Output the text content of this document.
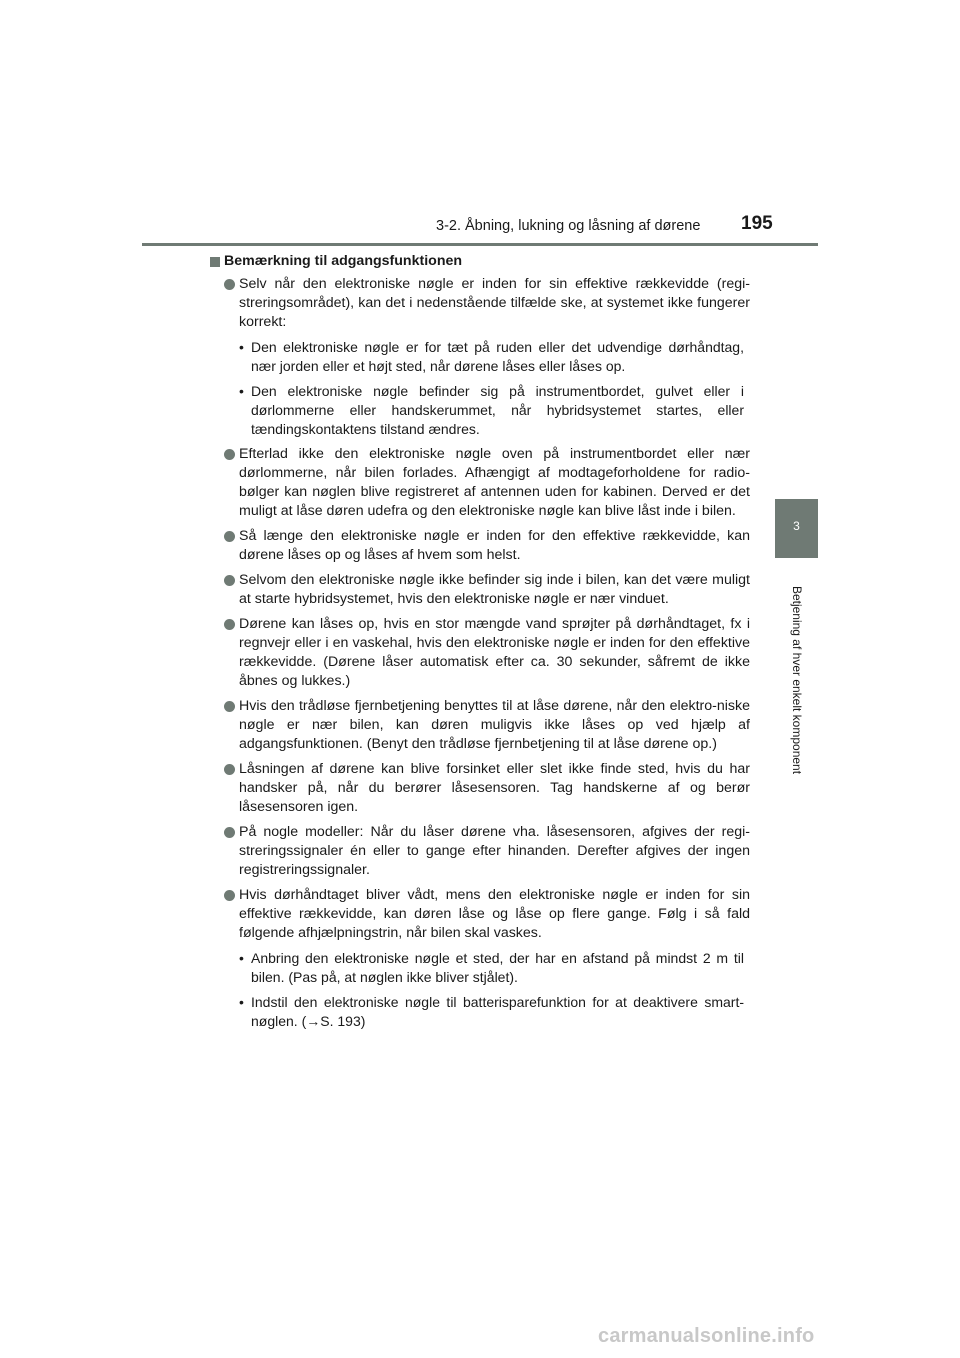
3-2. Åbning, lukning og låsning af dørene 195
3
Betjening af hver enkelt komponent
Bemærkning til adgangsfunktionen
Selv når den elektroniske nøgle er inden for sin effektive rækkevidde (regi-streringsområdet), kan det i nedenstående tilfælde ske, at systemet ikke fungerer korrekt:
• Den elektroniske nøgle er for tæt på ruden eller det udvendige dørhåndtag, nær jorden eller et højt sted, når dørene låses eller låses op.
• Den elektroniske nøgle befinder sig på instrumentbordet, gulvet eller i dørlommerne eller handskerummet, når hybridsystemet startes, eller tændingskontaktens tilstand ændres.
Efterlad ikke den elektroniske nøgle oven på instrumentbordet eller nær dørlommerne, når bilen forlades. Afhængigt af modtageforholdene for radio-bølger kan nøglen blive registreret af antennen uden for kabinen. Derved er det muligt at låse døren udefra og den elektroniske nøgle kan blive låst inde i bilen.
Så længe den elektroniske nøgle er inden for den effektive rækkevidde, kan dørene låses op og låses af hvem som helst.
Selvom den elektroniske nøgle ikke befinder sig inde i bilen, kan det være muligt at starte hybridsystemet, hvis den elektroniske nøgle er nær vinduet.
Dørene kan låses op, hvis en stor mængde vand sprøjter på dørhåndtaget, fx i regnvejr eller i en vaskehal, hvis den elektroniske nøgle er inden for den effektive rækkevidde. (Dørene låser automatisk efter ca. 30 sekunder, såfremt de ikke åbnes og lukkes.)
Hvis den trådløse fjernbetjening benyttes til at låse dørene, når den elektro-niske nøgle er nær bilen, kan døren muligvis ikke låses op ved hjælp af adgangsfunktionen. (Benyt den trådløse fjernbetjening til at låse dørene op.)
Låsningen af dørene kan blive forsinket eller slet ikke finde sted, hvis du har handsker på, når du berører låsesensoren. Tag handskerne af og berør låsesensoren igen.
På nogle modeller: Når du låser dørene vha. låsesensoren, afgives der regi-streringssignaler én eller to gange efter hinanden. Derefter afgives der ingen registreringssignaler.
Hvis dørhåndtaget bliver vådt, mens den elektroniske nøgle er inden for sin effektive rækkevidde, kan døren låse og låse op flere gange. Følg i så fald følgende afhjælpningstrin, når bilen skal vaskes.
• Anbring den elektroniske nøgle et sted, der har en afstand på mindst 2 m til bilen. (Pas på, at nøglen ikke bliver stjålet).
• Indstil den elektroniske nøgle til batterisparefunktion for at deaktivere smart-nøglen. (→S. 193)
carmanualsonline.info
